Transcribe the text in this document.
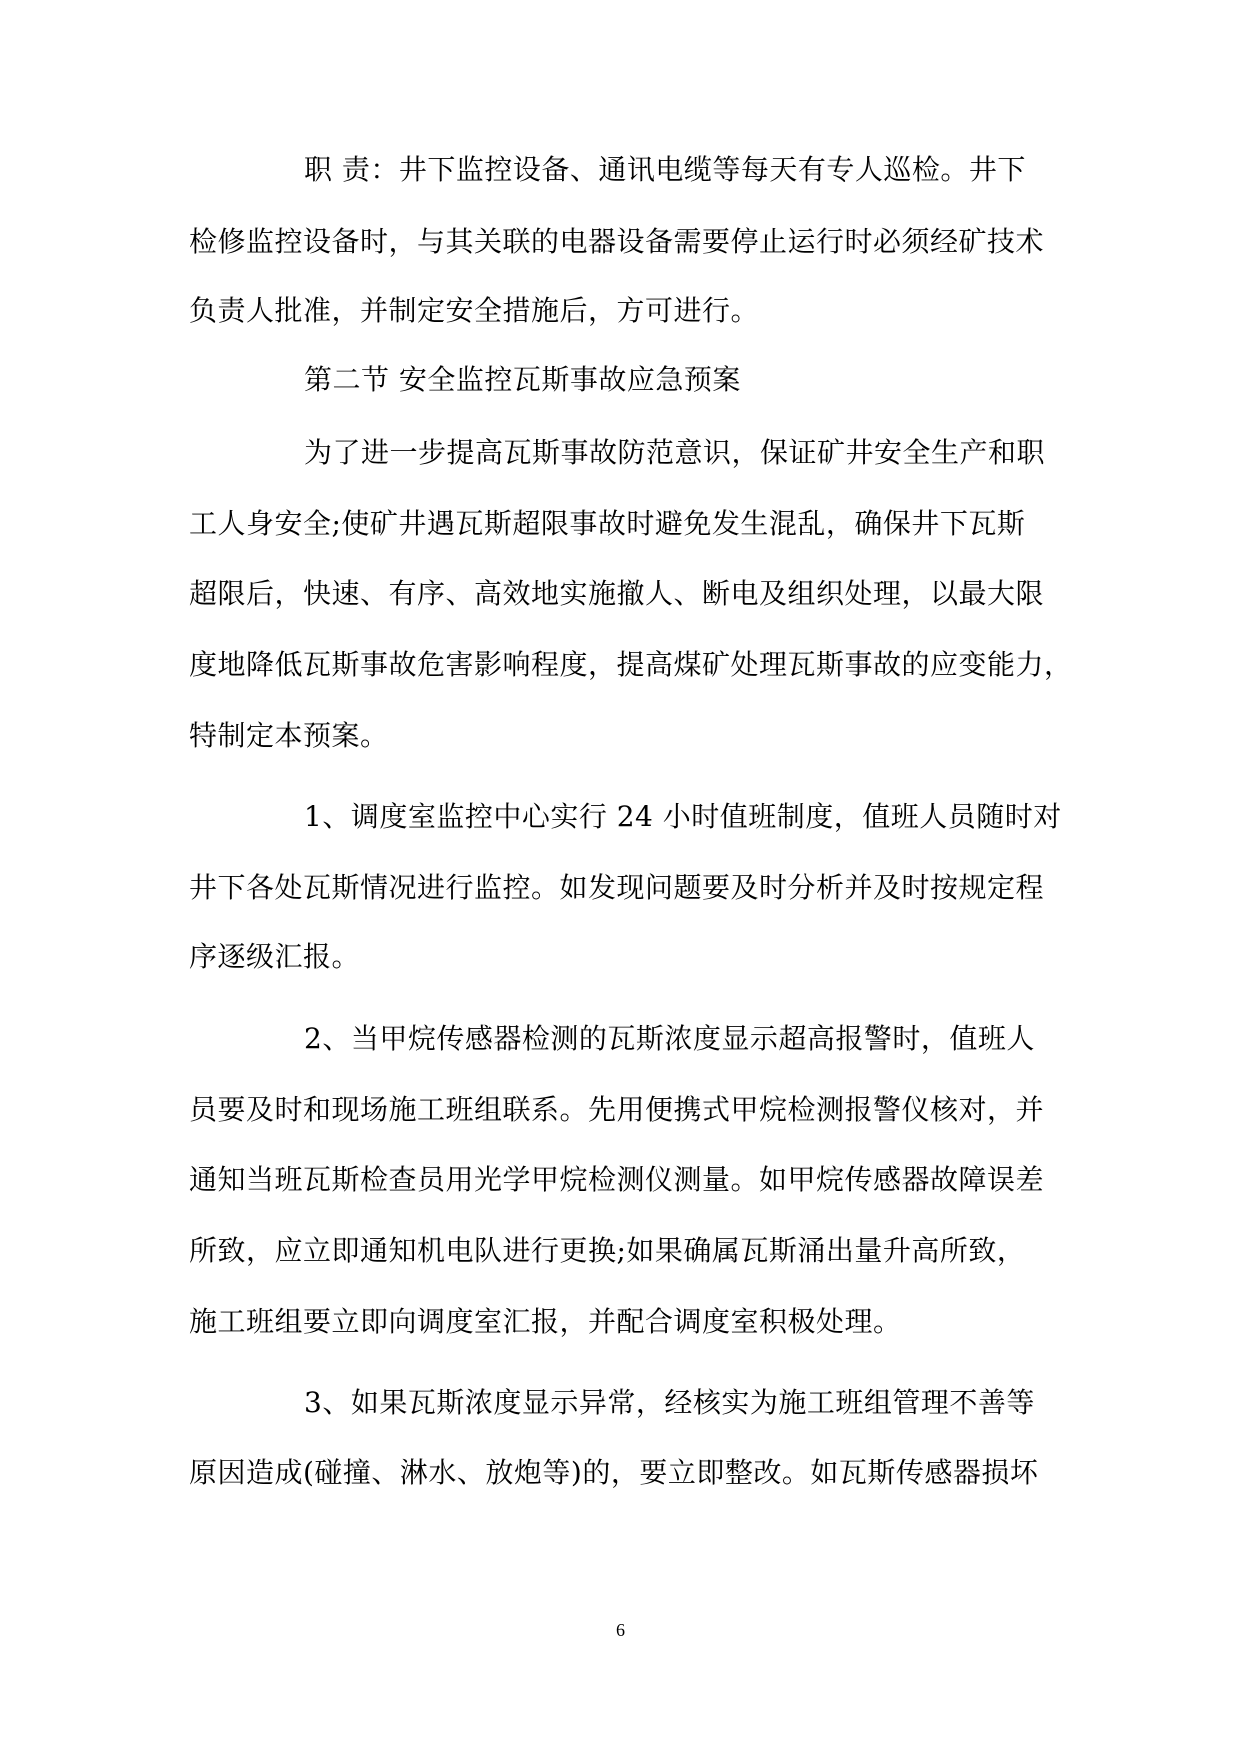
职 责：井下监控设备、通讯电缆等每天有专人巡检。井下
检修监控设备时，与其关联的电器设备需要停止运行时必须经矿技术
负责人批准，并制定安全措施后，方可进行。
第二节 安全监控瓦斯事故应急预案
为了进一步提高瓦斯事故防范意识，保证矿井安全生产和职
工人身安全;使矿井遇瓦斯超限事故时避免发生混乱，确保井下瓦斯
超限后，快速、有序、高效地实施撤人、断电及组织处理，以最大限
度地降低瓦斯事故危害影响程度，提高煤矿处理瓦斯事故的应变能力，
特制定本预案。
1、调度室监控中心实行 24 小时值班制度，值班人员随时对
井下各处瓦斯情况进行监控。如发现问题要及时分析并及时按规定程
序逐级汇报。
2、当甲烷传感器检测的瓦斯浓度显示超高报警时，值班人
员要及时和现场施工班组联系。先用便携式甲烷检测报警仪核对，并
通知当班瓦斯检查员用光学甲烷检测仪测量。如甲烷传感器故障误差
所致，应立即通知机电队进行更换;如果确属瓦斯涌出量升高所致，
施工班组要立即向调度室汇报，并配合调度室积极处理。
3、如果瓦斯浓度显示异常，经核实为施工班组管理不善等
原因造成(碰撞、淋水、放炮等)的，要立即整改。如瓦斯传感器损坏
6
